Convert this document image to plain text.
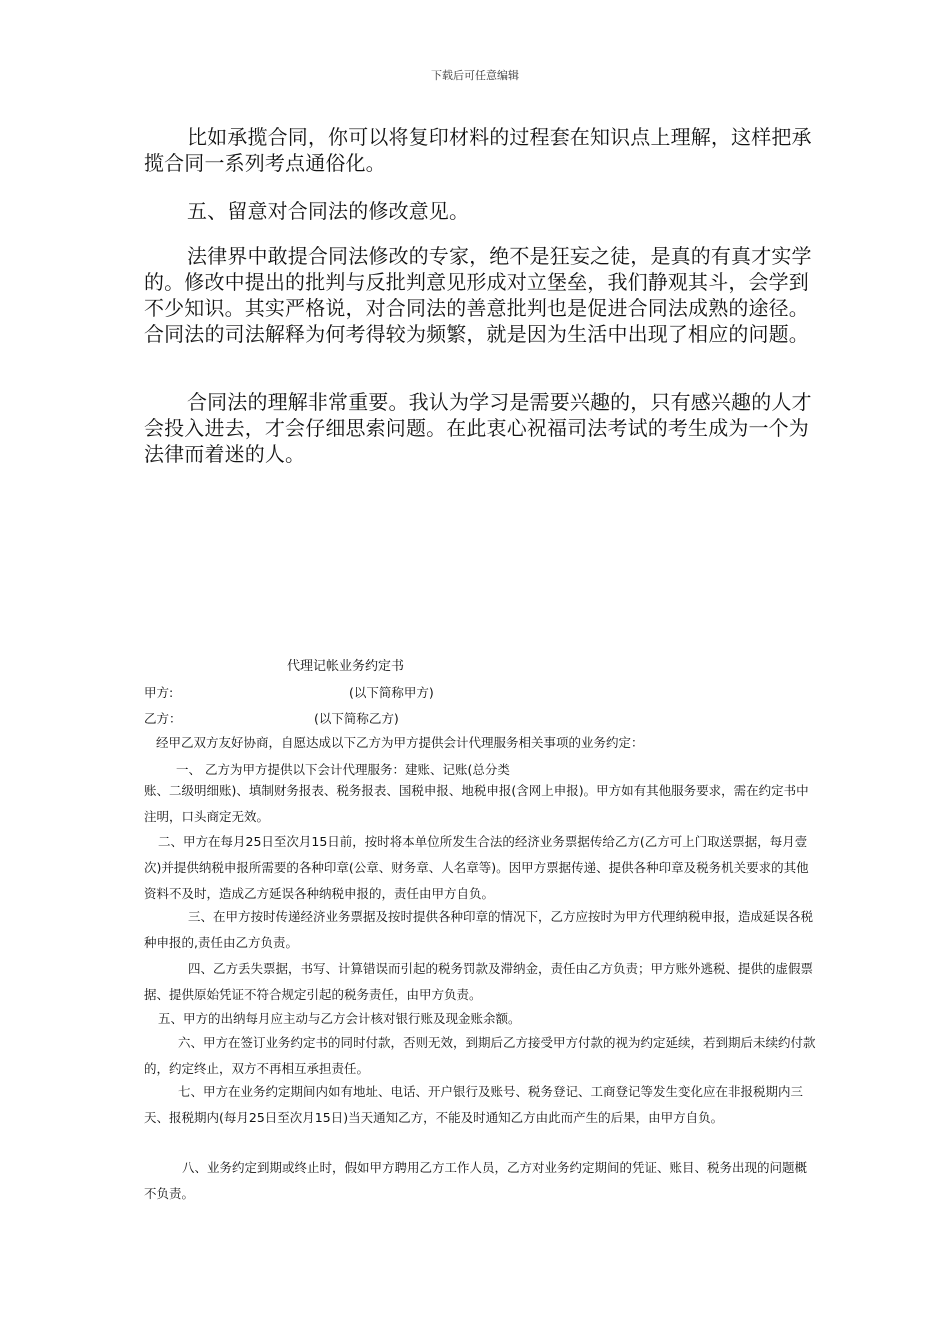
下载后可任意编辑

比如承揽合同，你可以将复印材料的过程套在知识点上理解，这样把承揽合同一系列考点通俗化。

五、留意对合同法的修改意见。

法律界中敢提合同法修改的专家，绝不是狂妄之徒，是真的有真才实学的。修改中提出的批判与反批判意见形成对立堡垒，我们静观其斗，会学到不少知识。其实严格说，对合同法的善意批判也是促进合同法成熟的途径。合同法的司法解释为何考得较为频繁，就是因为生活中出现了相应的问题。

合同法的理解非常重要。我认为学习是需要兴趣的，只有感兴趣的人才会投入进去，才会仔细思索问题。在此衷心祝福司法考试的考生成为一个为法律而着迷的人。

代理记帐业务约定书
甲方:	(以下简称甲方)
乙方：	(以下简称乙方)

经甲乙双方友好协商，自愿达成以下乙方为甲方提供会计代理服务相关事项的业务约定：

一、 乙方为甲方提供以下会计代理服务：建账、记账(总分类

账、二级明细账)、填制财务报表、税务报表、国税申报、地税申报(含网上申报)。甲方如有其他服务要求，需在约定书中注明，口头商定无效。

二、甲方在每月25日至次月15日前，按时将本单位所发生合法的经济业务票据传给乙方(乙方可上门取送票据，每月壹次)并提供纳税申报所需要的各种印章(公章、财务章、人名章等)。因甲方票据传递、提供各种印章及税务机关要求的其他资料不及时，造成乙方延误各种纳税申报的，责任由甲方自负。

三、在甲方按时传递经济业务票据及按时提供各种印章的情况下，乙方应按时为甲方代理纳税申报，造成延误各税种申报的,责任由乙方负责。

四、乙方丢失票据，书写、计算错误而引起的税务罚款及滞纳金，责任由乙方负责；甲方账外逃税、提供的虚假票据、提供原始凭证不符合规定引起的税务责任，由甲方负责。

五、甲方的出纳每月应主动与乙方会计核对银行账及现金账余额。

六、甲方在签订业务约定书的同时付款，否则无效，到期后乙方接受甲方付款的视为约定延续，若到期后未续约付款的，约定终止，双方不再相互承担责任。

七、甲方在业务约定期间内如有地址、电话、开户银行及账号、税务登记、工商登记等发生变化应在非报税期内三天、报税期内(每月25日至次月15日)当天通知乙方，不能及时通知乙方由此而产生的后果，由甲方自负。

八、业务约定到期或终止时，假如甲方聘用乙方工作人员，乙方对业务约定期间的凭证、账目、税务出现的问题概不负责。
